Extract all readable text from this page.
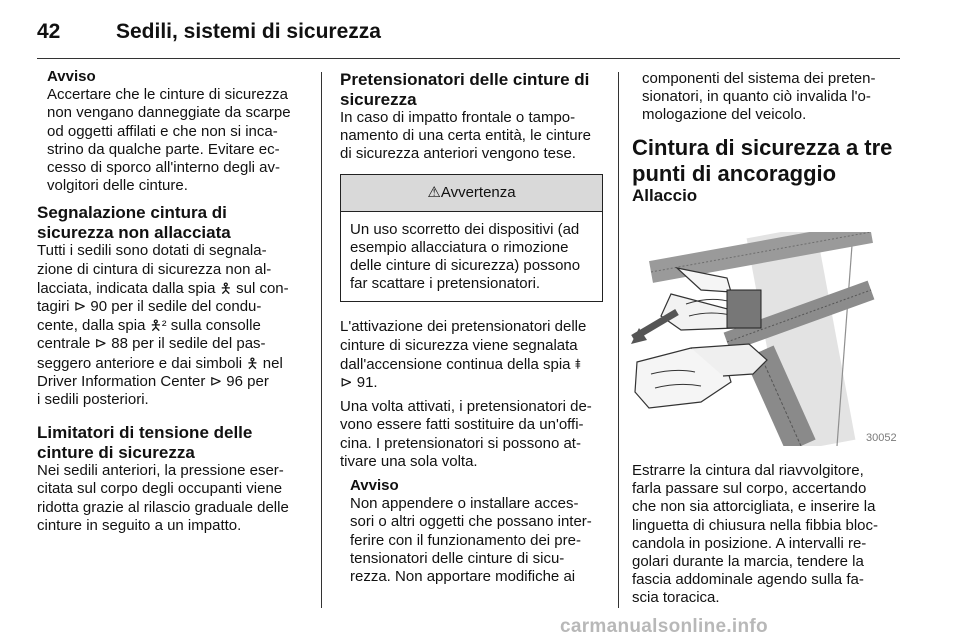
42	Sedili, sistemi di sicurezza

Avviso

Accertare che le cinture di sicurezza

non vengano danneggiate da scarpe

od oggetti affilati e che non si inca-

strino da qualche parte. Evitare ec-

cesso di sporco all'interno degli av-

volgitori delle cinture.

Segnalazione cintura di

sicurezza non allacciata

Tutti i sedili sono dotati di segnala-

zione di cintura di sicurezza non al-

lacciata, indicata dalla spia 🯅 sul con-

tagiri ⊳ 90 per il sedile del condu-

cente, dalla spia 🯅² sulla consolle

centrale ⊳ 88 per il sedile del pas-

seggero anteriore e dai simboli 🯅 nel

Driver Information Center ⊳ 96 per

i sedili posteriori.

Limitatori di tensione delle

cinture di sicurezza

Nei sedili anteriori, la pressione eser-

citata sul corpo degli occupanti viene

ridotta grazie al rilascio graduale delle

cinture in seguito a un impatto.

Pretensionatori delle cinture di

sicurezza

In caso di impatto frontale o tampo-

namento di una certa entità, le cinture

di sicurezza anteriori vengono tese.

⚠Avvertenza

Un uso scorretto dei dispositivi (ad

esempio allacciatura o rimozione

delle cinture di sicurezza) possono

far scattare i pretensionatori.

L'attivazione dei pretensionatori delle

cinture di sicurezza viene segnalata

dall'accensione continua della spia ⯒

⊳ 91.

Una volta attivati, i pretensionatori de-

vono essere fatti sostituire da un'offi-

cina. I pretensionatori si possono at-

tivare una sola volta.

Avviso

Non appendere o installare acces-

sori o altri oggetti che possano inter-

ferire con il funzionamento dei pre-

tensionatori delle cinture di sicu-

rezza. Non apportare modifiche ai

componenti del sistema dei preten-

sionatori, in quanto ciò invalida l'o-

mologazione del veicolo.

Cintura di sicurezza a tre

punti di ancoraggio

Allaccio

30052

Estrarre la cintura dal riavvolgitore,

farla passare sul corpo, accertando

che non sia attorcigliata, e inserire la

linguetta di chiusura nella fibbia bloc-

candola in posizione. A intervalli re-

golari durante la marcia, tendere la

fascia addominale agendo sulla fa-

scia toracica.

carmanualsonline.info
